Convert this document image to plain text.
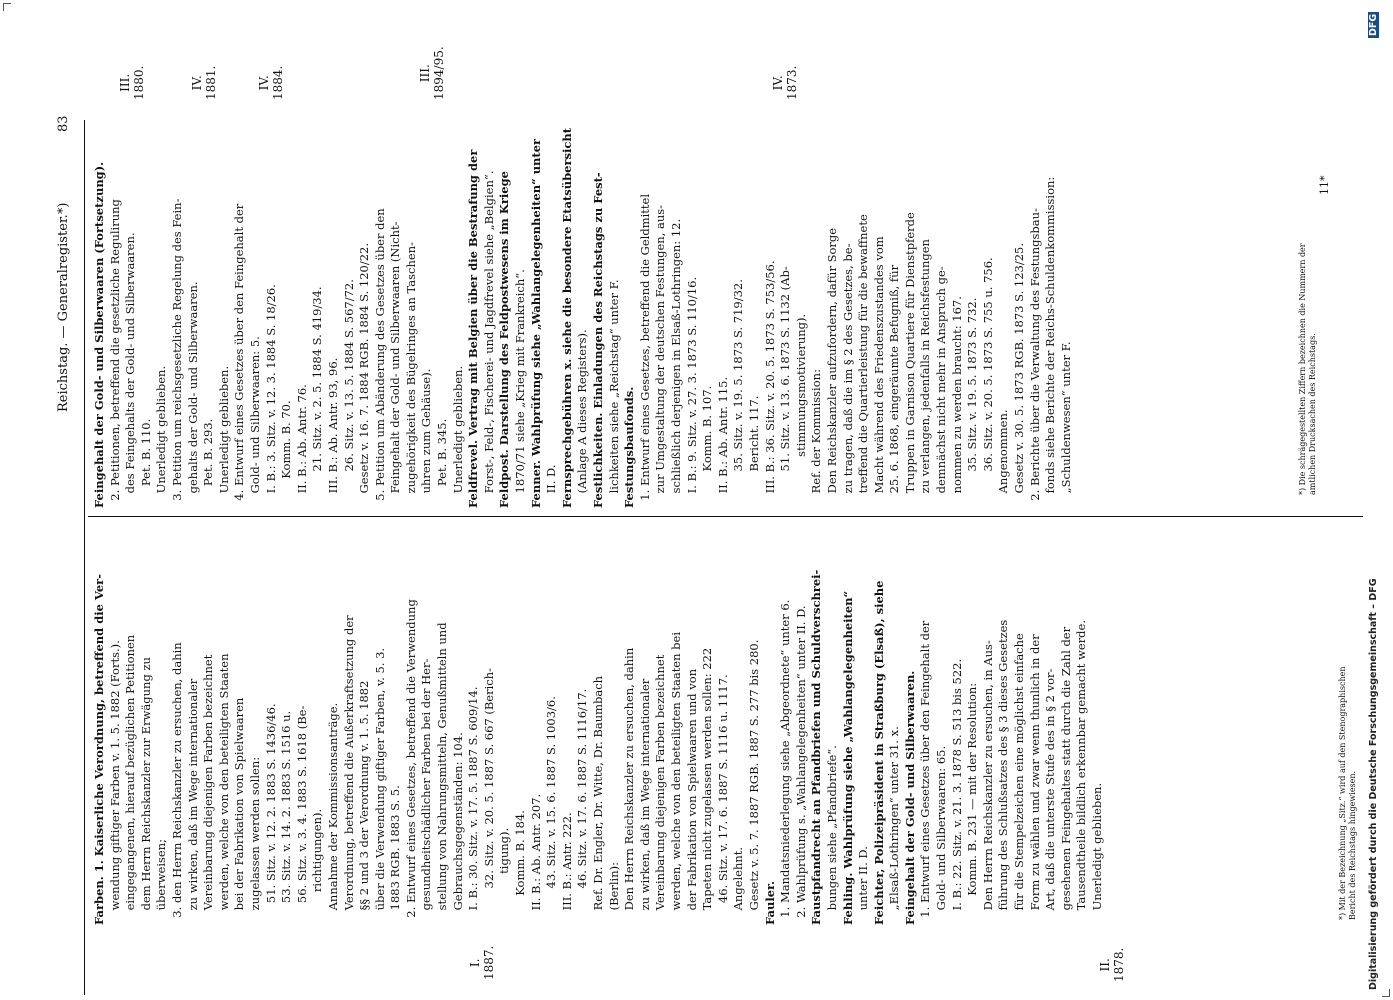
Reichstag. — Generalregister.*)
83

Farben. 1. Kaiserliche Verordnung, betreffend die Ver- wendung giftiger Farben v. 1. 5. 1882 (Forts.). eingegangenen, hierauf bezüglichen Petitionen dem Herrn Reichskanzler zur Erwägung zu überweisen; 3. den Herrn Reichskanzler zu ersuchen, dahin zu wirken, daß im Wege internationaler Vereinbarung diejenigen Farben bezeichnet werden, welche von den beteiligten Staaten bei der Fabrikation von Spielwaaren zugelassen werden sollen: 51. Sitz. v. 12. 2. 1883 S. 1436/46. 53. Sitz. v. 14. 2. 1883 S. 1516 u. 56. Sitz. v. 3. 4. 1883 S. 1618 (Be- richtigungen). Annahme der Kommissionsanträge. Verordnung, betreffend die Außerkraftsetzung der §§ 2 und 3 der Verordnung v. 1. 5. 1882 über die Verwendung giftiger Farben, v. 5. 3. 1883 RGB. 1883 S. 5. 2. Entwurf eines Gesetzes, betreffend die Verwendung gesundheitschädlicher Farben bei der Her- stellung von Nahrungsmitteln, Genußmitteln und Gebrauchsgegenständen: 104. I. B.: 30. Sitz. v. 17. 5. 1887 S. 609/14. 32. Sitz. v. 20. 5. 1887 S. 667 (Berich- tigung). Komm. B. 184. II. B.: Ab. Antr. 207. 43. Sitz. v. 15. 6. 1887 S. 1003/6. III. B.: Antr. 222. 46. Sitz. v. 17. 6. 1887 S. 1116/17. Ref. Dr. Engler, Dr. Witte, Dr. Baumbach (Berlin): Den Herrn Reichskanzler zu ersuchen, dahin zu wirken, daß im Wege internationaler Vereinbarung diejenigen Farben bezeichnet werden, welche von den beteiligten Staaten bei der Fabrikation von Spielwaaren und von Tapeten nicht zugelassen werden sollen: 222 46. Sitz. v. 17. 6. 1887 S. 1116 u. 1117. Angelehnt. Gesetz v. 5. 7. 1887 RGB. 1887 S. 277 bis 280. Fauler. 1. Mandatsniederlegung siehe „Abgeordnete“ unter 6. 2. Wahlprüfung s. „Wahlangelegenheiten“ unter II. D. Faustpfandrecht an Pfandbriefen und Schuldverschrei- bungen siehe „Pfandbriefe“. Fehling. Wahlprüfung siehe „Wahlangelegenheiten“ unter II. D. Feichter, Polizeipräsident in Straßburg (Elsaß), siehe „Elsaß-Lothringen“ unter 31. x. Feingehalt der Gold- und Silberwaaren. 1. Entwurf eines Gesetzes über den Feingehalt der Gold- und Silberwaaren: 65. I. B.: 22. Sitz. v. 21. 3. 1878 S. 513 bis 522. Komm. B. 231 — mit der Resolution: Den Herrn Reichskanzler zu ersuchen, in Aus- führung des Schlußsatzes des § 3 dieses Gesetzes für die Stempelzeichen eine möglichst einfache Form zu wählen und zwar wenn thunlich in der Art, daß die unterste Stufe des in § 2 vor- gesehenen Feingehaltes statt durch die Zahl der Tausendtheile bildlich erkennbar gemacht werde. Unerledigt geblieben.	*) Mit der Bezeichnung „Sitz.“ wird auf den Stenographischen Bericht des Reichstags hingewiesen.

Feingehalt der Gold- und Silberwaaren (Fortsetzung). 2. Petitionen, betreffend die gesetzliche Regulirung des Feingehalts der Gold- und Silberwaaren. Pet. B. 110. Unerledigt geblieben. 3. Petition um reichsgesetzliche Regelung des Fein- gehalts der Gold- und Silberwaaren. Pet. B. 293. Unerledigt geblieben. 4. Entwurf eines Gesetzes über den Feingehalt der Gold- und Silberwaaren: 5. I. B.: 3. Sitz. v. 12. 3. 1884 S. 18/26. Komm. B. 70. II. B.: Ab. Antr. 76. 21. Sitz. v. 2. 5. 1884 S. 419/34. III. B.: Ab. Antr. 93, 96. 26. Sitz. v. 13. 5. 1884 S. 567/72. Gesetz v. 16. 7. 1884 RGB. 1884 S. 120/22. 5. Petition um Abänderung des Gesetzes über den Feingehalt der Gold- und Silberwaaren (Nicht- zugehörigkeit des Bügelringes an Taschen- uhren zum Gehäuse). Pet. B. 345. Unerledigt geblieben. Feldfrevel. Vertrag mit Belgien über die Bestrafung der Forst-, Feld-, Fischerei- und Jagdfrevel siehe „Belgien“. Feldpost. Darstellung des Feldpostwesens im Kriege 1870/71 siehe „Krieg mit Frankreich“. Fenner. Wahlprüfung siehe „Wahlangelegenheiten“ unter II. D. Fernsprechgebühren x. siehe die besondere Etatsübersicht (Anlage A dieses Registers). Festlichkeiten. Einladungen des Reichstags zu Fest- lichkeiten siehe „Reichstag“ unter F. Festungsbaufonds. 1. Entwurf eines Gesetzes, betreffend die Geldmittel zur Umgestaltung der deutschen Festungen, aus- schließlich derjenigen in Elsaß-Lothringen: 12. I. B.: 9. Sitz. v. 27. 3. 1873 S. 110/16. Komm. B. 107. II. B.: Ab. Antr. 115. 35. Sitz. v. 19. 5. 1873 S. 719/32. Bericht. 117. III. B.: 36. Sitz. v. 20. 5. 1873 S. 753/56. 51. Sitz. v. 13. 6. 1873 S. 1132 (Ab- stimmungsmotivierung). Ref. der Kommission: Den Reichskanzler aufzufordern, dafür Sorge zu tragen, daß die im § 2 des Gesetzes, be- treffend die Quartierleistung für die bewaffnete Macht während des Friedenszustandes vom 25. 6. 1868, eingeräumte Befugniß, für Truppen in Garnison Quartiere für Dienstpferde zu verlangen, jedenfalls in Reichsfestungen demnächst nicht mehr in Anspruch ge- nommen zu werden braucht: 167. 35. Sitz. v. 19. 5. 1873 S. 732. 36. Sitz. v. 20. 5. 1873 S. 755 u. 756. Angenommen. Gesetz v. 30. 5. 1873 RGB. 1873 S. 123/25. 2. Berichte über die Verwaltung des Festungsbau- fonds siehe Berichte der Reichs-Schuldenkommission: „Schuldenwesen“ unter F.	*) Die schrägegestellten Ziffern bezeichnen die Nummern der amtlichen Drucksachen des Reichstags.

11*

I. 1887.	II. 1878.

III. 1880.	IV. 1881.	IV. 1884.	III. 1894/95.	IV. 1873.

Digitalisierung gefördert durch die Deutsche Forschungsgemeinschaft – DFG
DFG
